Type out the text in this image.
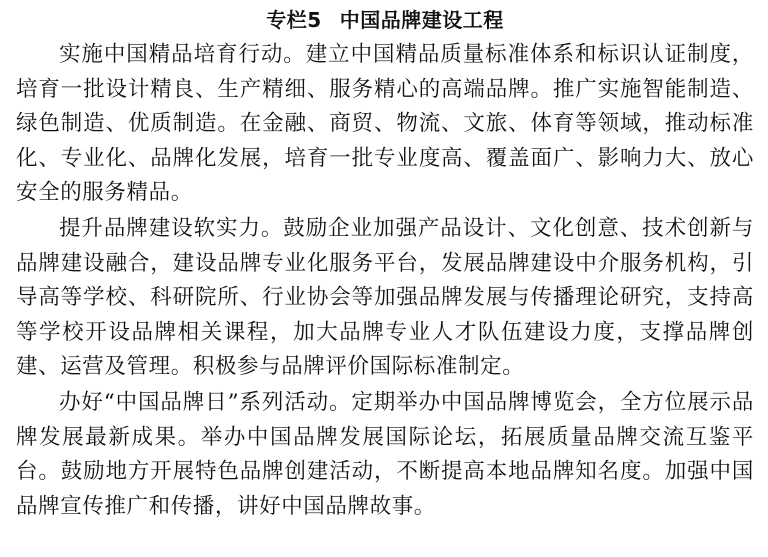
专栏5 中国品牌建设工程

实施中国精品培育行动。建立中国精品质量标准体系和标识认证制度，培育一批设计精良、生产精细、服务精心的高端品牌。推广实施智能制造、绿色制造、优质制造。在金融、商贸、物流、文旅、体育等领域，推动标准化、专业化、品牌化发展，培育一批专业度高、覆盖面广、影响力大、放心安全的服务精品。

提升品牌建设软实力。鼓励企业加强产品设计、文化创意、技术创新与品牌建设融合，建设品牌专业化服务平台，发展品牌建设中介服务机构，引导高等学校、科研院所、行业协会等加强品牌发展与传播理论研究，支持高等学校开设品牌相关课程，加大品牌专业人才队伍建设力度，支撑品牌创建、运营及管理。积极参与品牌评价国际标准制定。

办好“中国品牌日”系列活动。定期举办中国品牌博览会，全方位展示品牌发展最新成果。举办中国品牌发展国际论坛，拓展质量品牌交流互鉴平台。鼓励地方开展特色品牌创建活动，不断提高本地品牌知名度。加强中国品牌宣传推广和传播，讲好中国品牌故事。
